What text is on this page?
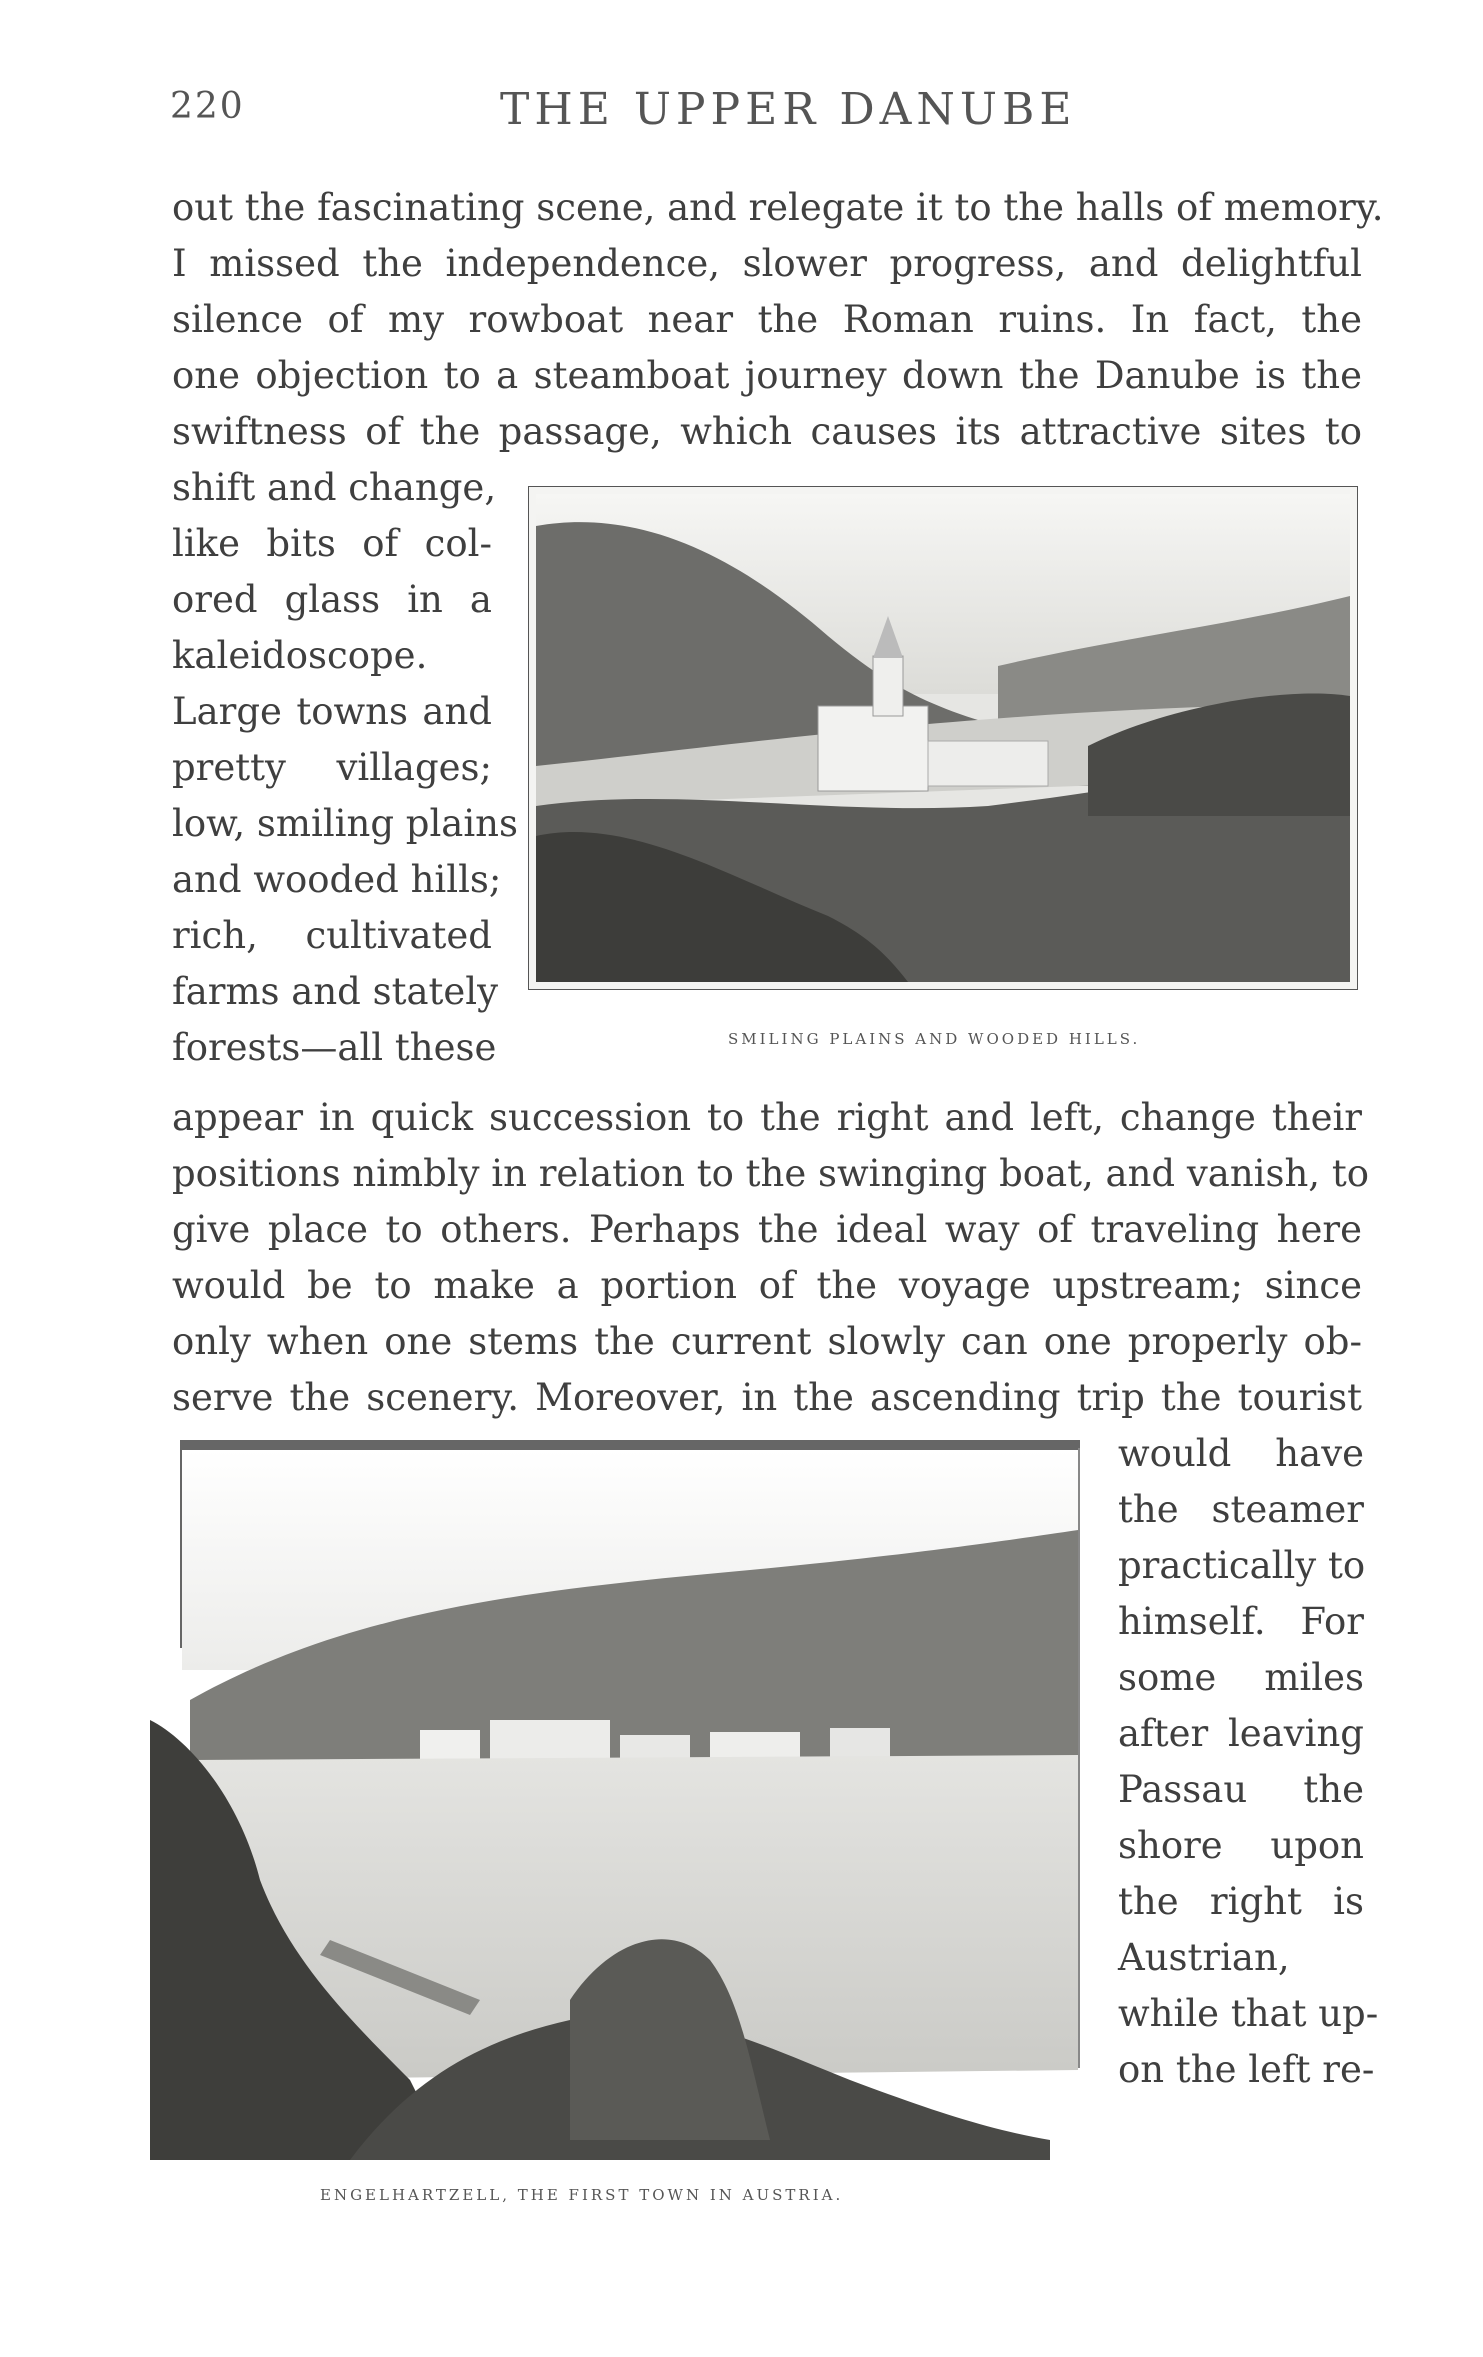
220	THE UPPER DANUBE
out the fascinating scene, and relegate it to the halls of memory.
I missed the independence, slower progress, and delightful
silence of my rowboat near the Roman ruins. In fact, the
one objection to a steamboat journey down the Danube is the
swiftness of the passage, which causes its attractive sites to
shift and change,
like bits of col-
ored glass in a
kaleidoscope.
Large towns and
pretty villages;
low, smiling plains
and wooded hills;
rich, cultivated
farms and stately
forests—all these	SMILING PLAINS AND WOODED HILLS.
appear in quick succession to the right and left, change their
positions nimbly in relation to the swinging boat, and vanish, to
give place to others. Perhaps the ideal way of traveling here
would be to make a portion of the voyage upstream; since
only when one stems the current slowly can one properly ob-
serve the scenery. Moreover, in the ascending trip the tourist
would have
the steamer
practically to
himself. For
some miles
after leaving
Passau the
shore upon
the right is
Austrian,
while that up-
on the left re-
ENGELHARTZELL, THE FIRST TOWN IN AUSTRIA.
